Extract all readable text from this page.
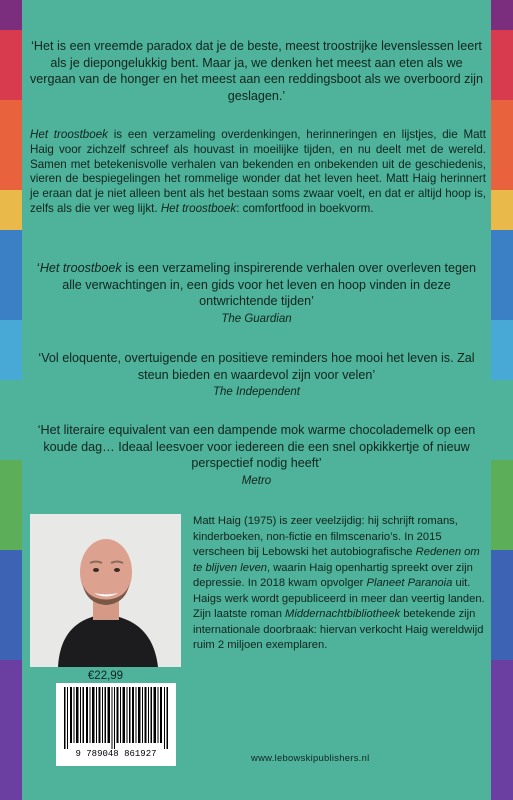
‘Het is een vreemde paradox dat je de beste, meest troostrijke levenslessen leert als je diepongelukkig bent. Maar ja, we denken het meest aan eten als we vergaan van de honger en het meest aan een reddingsboot als we overboord zijn geslagen.’
Het troostboek is een verzameling overdenkingen, herinneringen en lijstjes, die Matt Haig voor zichzelf schreef als houvast in moeilijke tijden, en nu deelt met de wereld. Samen met betekenisvolle verhalen van bekenden en onbekenden uit de geschiedenis, vieren de bespiegelingen het rommelige wonder dat het leven heet. Matt Haig herinnert je eraan dat je niet alleen bent als het bestaan soms zwaar voelt, en dat er altijd hoop is, zelfs als die ver weg lijkt. Het troostboek: comfortfood in boekvorm.
‘Het troostboek is een verzameling inspirerende verhalen over overleven tegen alle verwachtingen in, een gids voor het leven en hoop vinden in deze ontwrichtende tijden’
The Guardian
‘Vol eloquente, overtuigende en positieve reminders hoe mooi het leven is. Zal steun bieden en waardevol zijn voor velen’
The Independent
‘Het literaire equivalent van een dampende mok warme chocolademelk op een koude dag… Ideaal leesvoer voor iedereen die een snel opkikkertje of nieuw perspectief nodig heeft’
Metro
Matt Haig (1975) is zeer veelzijdig: hij schrijft romans, kinderboeken, non-fictie en filmscenario’s. In 2015 verscheen bij Lebowski het autobiografische Redenen om te blijven leven, waarin Haig openhartig spreekt over zijn depressie. In 2018 kwam opvolger Planeet Paranoia uit. Haigs werk wordt gepubliceerd in meer dan veertig landen. Zijn laatste roman Middernachtbibliotheek betekende zijn internationale doorbraak: hiervan verkocht Haig wereldwijd ruim 2 miljoen exemplaren.
€22,99
9 789048 861927	www.lebowskipublishers.nl
